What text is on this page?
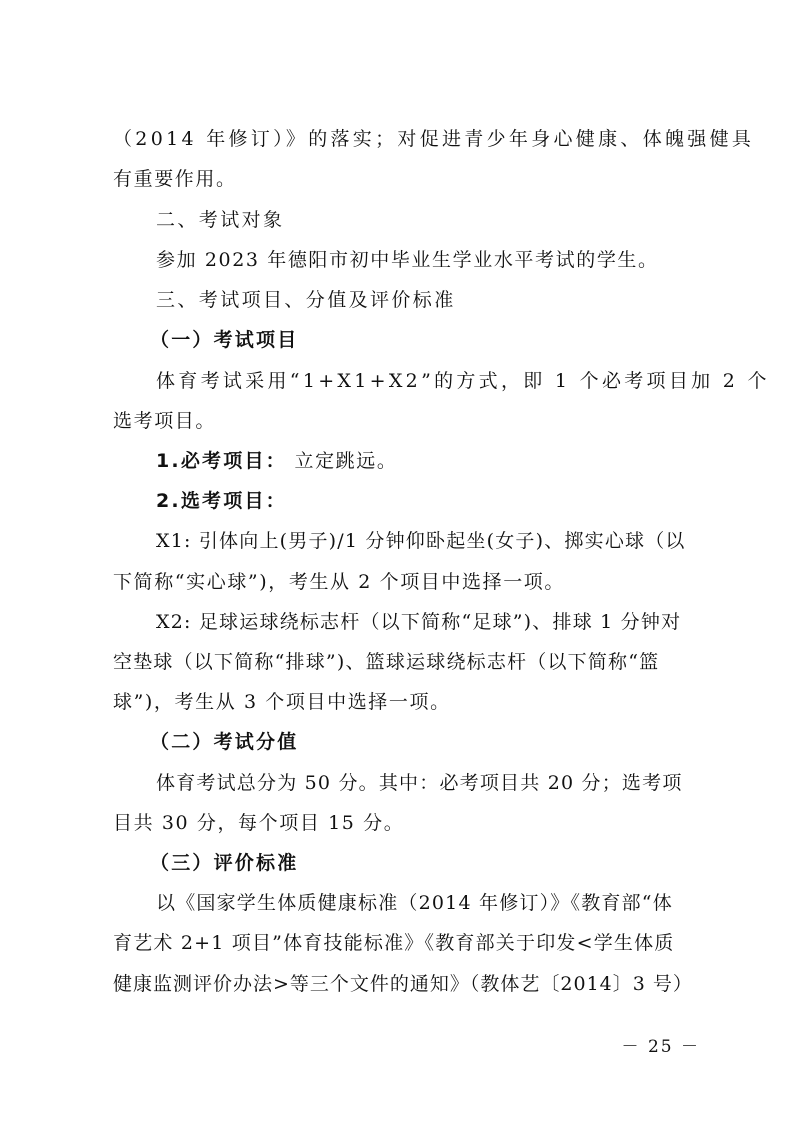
（2014 年修订）》的落实；对促进青少年身心健康、体魄强健具
有重要作用。
二、考试对象
参加 2023 年德阳市初中毕业生学业水平考试的学生。
三、考试项目、分值及评价标准
（一）考试项目
体育考试采用“1+X1+X2”的方式，即 1 个必考项目加 2 个
选考项目。
1.必考项目： 立定跳远。
2.选考项目：
X1: 引体向上(男子)/1 分钟仰卧起坐(女子)、掷实心球（以
下简称“实心球”)，考生从 2 个项目中选择一项。
X2: 足球运球绕标志杆（以下简称“足球”)、排球 1 分钟对
空垫球（以下简称“排球”)、篮球运球绕标志杆（以下简称“篮
球”)，考生从 3 个项目中选择一项。
（二）考试分值
体育考试总分为 50 分。其中：必考项目共 20 分；选考项
目共 30 分，每个项目 15 分。
（三）评价标准
以《国家学生体质健康标准（2014 年修订）》《教育部“体
育艺术 2+1 项目”体育技能标准》《教育部关于印发<学生体质
健康监测评价办法>等三个文件的通知》（教体艺〔2014〕3 号）
－ 25 －
